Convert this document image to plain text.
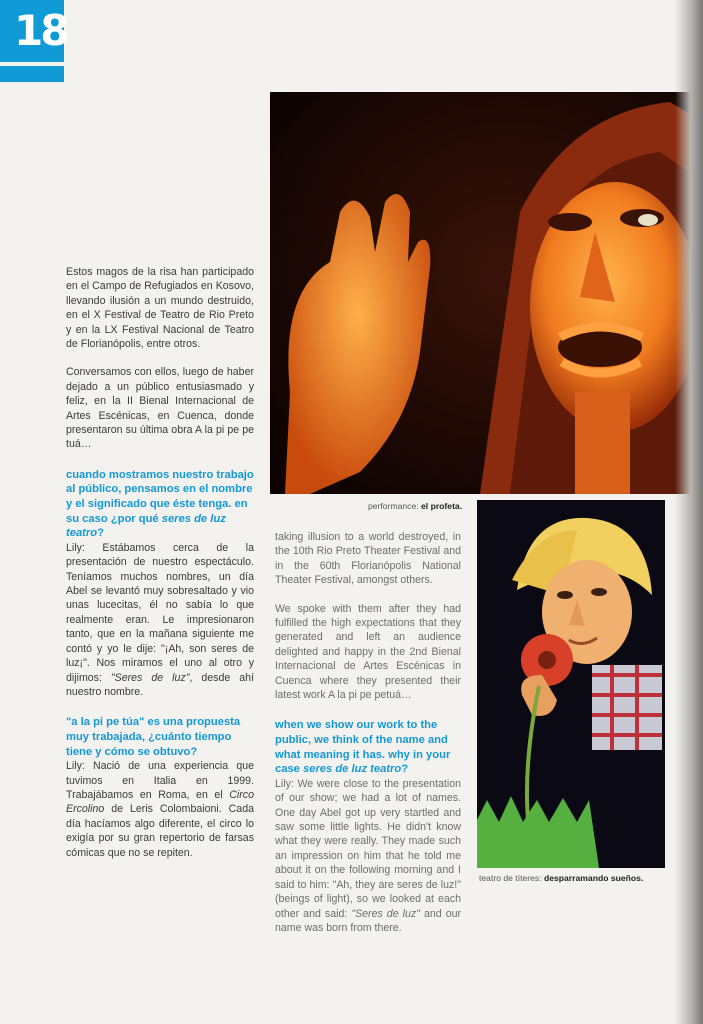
18
performance: el profeta.
teatro de títeres: desparramando sueños.

Estos magos de la risa han participado en el Campo de Refugiados en Kosovo, llevando ilusión a un mundo destruido, en el X Festival de Teatro de Rio Preto y en la LX Festival Nacional de Teatro de Florianópolis, entre otros.

Conversamos con ellos, luego de haber dejado a un público entusiasmado y feliz, en la II Bienal Internacional de Artes Escénicas, en Cuenca, donde presentaron su última obra A la pi pe pe tuá…

cuando mostramos nuestro trabajo al público, pensamos en el nombre y el significado que éste tenga. en su caso ¿por qué seres de luz teatro?

Lily: Estábamos cerca de la presentación de nuestro espectáculo. Teníamos muchos nombres, un día Abel se levantó muy sobresaltado y vio unas lucecitas, él no sabía lo que realmente eran. Le impresionaron tanto, que en la mañana siguiente me contó y yo le dije: "¡Ah, son seres de luz¡". Nos miramos el uno al otro y dijimos: "Seres de luz", desde ahí nuestro nombre.

"a la pi pe túa" es una propuesta muy trabajada, ¿cuánto tiempo tiene y cómo se obtuvo?

Lily: Nació de una experiencia que tuvimos en Italia en 1999. Trabajábamos en Roma, en el Circo Ercolino de Leris Colombaioni. Cada día hacíamos algo diferente, el circo lo exigía por su gran repertorio de farsas cómicas que no se repiten.

taking illusion to a world destroyed, in the 10th Rio Preto Theater Festival and in the 60th Florianópolis National Theater Festival, amongst others.

We spoke with them after they had fulfilled the high expectations that they generated and left an audience delighted and happy in the 2nd Bienal Internacional de Artes Escénicas in Cuenca where they presented their latest work A la pi pe petuá…

when we show our work to the public, we think of the name and what meaning it has. why in your case seres de luz teatro?

Lily: We were close to the presentation of our show; we had a lot of names. One day Abel got up very startled and saw some little lights. He didn't know what they were really. They made such an impression on him that he told me about it on the following morning and I said to him: "Ah, they are seres de luz!" (beings of light), so we looked at each other and said: "Seres de luz" and our name was born from there.
